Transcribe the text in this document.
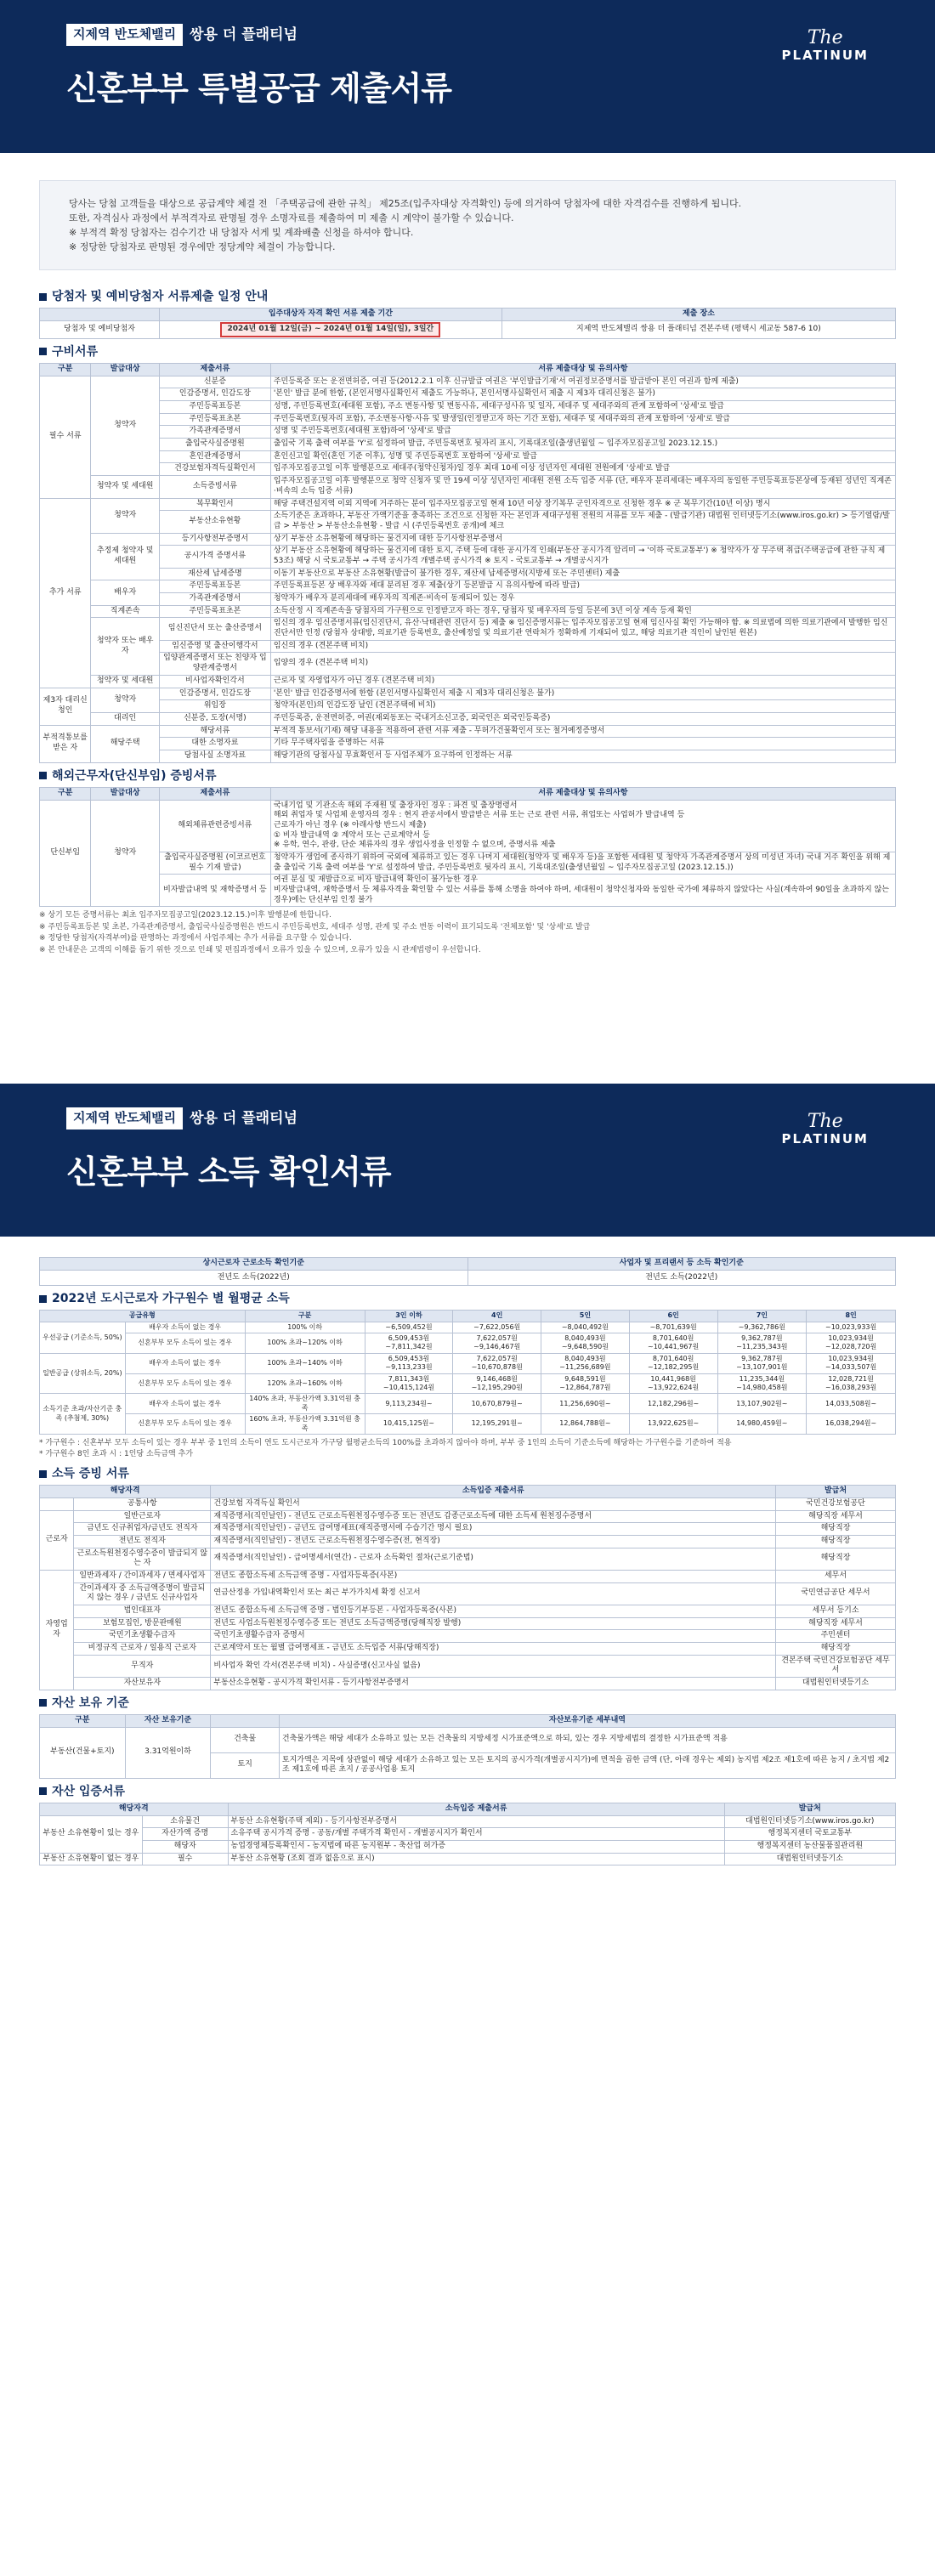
지제역 반도체밸리 쌍용 더 플래티넘
신혼부부 특별공급 제출서류
The
PLATINUM
당사는 당첨 고객들을 대상으로 공급계약 체결 전 「주택공급에 관한 규칙」 제25조(입주자대상 자격확인) 등에 의거하여 당첨자에 대한 자격검수를 진행하게 됩니다.
또한, 자격심사 과정에서 부적격자로 판명될 경우 소명자료를 제출하여 미 제출 시 계약이 불가할 수 있습니다.
※ 부적격 확정 당첨자는 검수기간 내 당첨자 서게 및 계좌배출 신청을 하셔야 합니다.
※ 정당한 당첨자로 판명된 경우에만 정당계약 체결이 가능합니다.
당첨자 및 예비당첨자 서류제출 일정 안내
	입주대상자 자격 확인 서류 제출 기간	제출 장소
당첨자 및 예비당첨자	2024년 01월 12일(금) ~ 2024년 01월 14일(일), 3일간	지제역 반도체밸리 쌍용 더 플래티넘 견본주택 (평택시 세교동 587-6 10)
구비서류
구분	발급대상	제출서류	서류 제출대상 및 유의사항
필수 서류	청약자	신분증	주민등록증 또는 운전면허증, 여권 등(2012.2.1 이후 신규발급 여권은 '부인발급기재'서 여권정보증명서를 발급받아 본인 여권과 함께 제출)
		인감증명서, 인감도장	'본인' 발급 분에 한함, (본인서명사실확인서 제출도 가능하나, 본인서명사실확인서 제출 시 제3자 대리신청은 불가)
		주민등록표등본	성명, 주민등록번호(세대원 포함), 주소 변동사항 및 변동사유, 세대구성사유 및 일자, 세대주 및 세대주와의 관계 포함하여 '상세'로 발급
		주민등록표초본	주민등록번호(뒷자리 포함), 주소변동사항·사유 및 발생일(인정받고자 하는 기간 포함), 세대주 및 세대주와의 관계 포함하여 '상세'로 발급
		가족관계증명서	성명 및 주민등록번호(세대원 포함)하여 '상세'로 발급
		출입국사실증명원	출입국 기록 출력 여부를 'Y'로 설정하여 발급, 주민등록번호 뒷자리 표시, 기록대조일(출생년월일 ~ 입주자모집공고일 2023.12.15.)
		혼인관계증명서	혼인신고일 확인(혼인 기준 이후), 성명 및 주민등록번호 포함하여 '상세'로 발급
		건강보험자격득실확인서	입주자모집공고일 이후 발행분으로 세대주(청약신청자)일 경우 최대 10세 이상 성년자인 세대원 전원에게 '상세'로 발급
	청약자 및 세대원	소득증빙서류	입주자모집공고일 이후 발행분으로 청약 신청자 및 만 19세 이상 성년자인 세대원 전원 소득 입증 서류 (단, 배우자 분리세대는 배우자의 동일한 주민등록표등본상에 등재된 성년인 직계존·비속의 소득 입증 서류)
추가 서류	청약자	복무확인서	해당 주택건설지역 이외 지역에 거주하는 분이 입주자모집공고일 현재 10년 이상 장기복무 군인자격으로 신청한 경우 ※ 군 복무기간(10년 이상) 명시
		부동산소유현황	소득기준은 초과하나, 부동산 가액기준을 충족하는 조건으로 신청한 자는 본인과 세대구성원 전원의 서류를 모두 제출 - (발급기관) 대법원 인터넷등기소(www.iros.go.kr) > 등기열람/발급 > 부동산 > 부동산소유현황 - 발급 시 (주민등록번호 공개)에 체크
	추정제 청약자 및 세대원	등기사항전부증명서	상기 부동산 소유현황에 해당하는 물건지에 대한 등기사항전부증명서
		공시가격 증명서류	상기 부동산 소유현황에 해당하는 물건지에 대한 토지, 주택 등에 대한 공시가격 인쇄(부동산 공시가격 알리미 → '이하 국토교통부') ※ 청약자가 상 무주택 취급(주택공급에 관한 규칙 제53조) 해당 시 국토교통부 → 주택 공시가격 개별주택 공시가격 ※ 토지 - 국토교통부 → 개별공시지가
		재산세 납세증명	이동기 부동산으로 부동산 소유현황(발급이 불가한 경우, 재산세 납세증명서(지방세 또는 주민센터) 제출
	배우자	주민등록표등본	주민등록표등본 상 배우자와 세대 분리된 경우 제출(상기 등본발급 시 유의사항에 따라 발급)
		가족관계증명서	청약자가 배우자 분리세대에 배우자의 직계존·비속이 동재되어 있는 경우
	직계존속	주민등록표초본	소득산정 시 직계존속을 당첨자의 가구원으로 인정받고자 하는 경우, 당첨자 및 배우자의 등일 등본에 3년 이상 계속 등재 확인
	청약자 또는 배우자	임신진단서 또는 출산증명서	임신의 경우 임신증명서류(임신진단서, 유산·낙태관련 진단서 등) 제출 ※ 임신증명서류는 입주자모집공고일 현재 임신사실 확인 가능해야 함. ※ 의료법에 의한 의료기관에서 발행한 임신진단서만 인정 (당첨자 상대방, 의료기관 등록번호, 출산예정일 및 의료기관 연락처가 정확하게 기재되어 있고, 해당 의료기관 직인이 날인된 원본)
		임신증명 및 출산이행각서	임신의 경우 (견본주택 비치)
		입양관계증명서 또는 친양자 입양관계증명서	입양의 경우 (견본주택 비치)
	청약자 및 세대원	비사업자확인각서	근로자 및 자영업자가 아닌 경우 (견본주택 비치)
제3자 대리신청인	청약자	인감증명서, 인감도장	'본인' 발급 인감증명서에 한함 (본인서명사실확인서 제출 시 제3자 대리신청은 불가)
		위임장	청약자(본인)의 인감도장 날인 (견본주택에 비치)
	대리인	신분증, 도장(서명)	주민등록증, 운전면허증, 여권(재외동포는 국내거소신고증, 외국인은 외국인등록증)
부적격통보를 받은 자	해당주택	해당서류	부적격 통보서(기재) 해당 내용을 적용하여 관련 서류 제출 - 무허가건물확인서 또는 철거예정증명서
		대한 소명자료	기타 무주택자임을 증명하는 서류
		당첨사실 소명자료	해당기관의 당첨사실 무효확인서 등 사업주체가 요구하여 인정하는 서류
해외근무자(단신부임) 증빙서류
구분	발급대상	제출서류	서류 제출대상 및 유의사항
단신부임	청약자	해외체류관련증빙서류	국내기업 및 기관소속 해외 주재원 및 출장자인 경우 : 파견 및 출장명령서
해외 취업자 및 사업체 운영자의 경우 : 현지 관공서에서 발급받은 서류 또는 근로 관련 서류, 취업또는 사업허가 발급내역 등
근로자가 아닌 경우 (※ 아래사항 반드시 제출)
① 비자 발급내역 ② 계약서 또는 근로계약서 등
※ 유학, 연수, 관광, 단순 체류자의 경우 생업사정을 인정할 수 없으며, 증명서류 제출
		출입국사실증명원 (이코르번호 필수 기재 발급)	청약자가 생업에 종사하기 위하여 국외에 체류하고 있는 경우 나머지 세대원(청약자 및 배우자 등)을 포함한 세대원 및 청약자 가족관계증명서 상의 미성년 자녀) 국내 거주 확인을 위해 제출 출입국 기록 출력 여부를 'Y'로 설정하여 발급, 주민등록번호 뒷자리 표시, 기록대조일(출생년월일 ~ 입주자모집공고일 (2023.12.15.))
		비자발급내역 및 재학증명서 등	여권 분실 및 재발급으로 비자 발급내역 확인이 불가능한 경우
비자발급내역, 재학증명서 등 체류자격을 확인할 수 있는 서류를 통해 소명을 하여야 하며, 세대원이 청약신청자와 동일한 국가에 체류하지 않았다는 사실(계속하여 90일을 초과하지 않는 경우)에는 단신부임 인정 불가
※ 상기 모든 증명서류는 최초 입주자모집공고일(2023.12.15.)이후 발행분에 한합니다.
※ 주민등록표등본 및 초본, 가족관계증명서, 출입국사실증명원은 반드시 주민등록번호, 세대주 성명, 관계 및 주소 변동 이력이 표기되도록 '전체포함' 및 '상세'로 발급
※ 정당한 당첨자(자격부여)를 판명하는 과정에서 사업주체는 추가 서류를 요구할 수 있습니다.
※ 본 안내문은 고객의 이해를 돕기 위한 것으로 인쇄 및 편집과정에서 오류가 있을 수 있으며, 오류가 있을 시 관계법령이 우선합니다.
지제역 반도체밸리 쌍용 더 플래티넘
신혼부부 소득 확인서류
The
PLATINUM
상시근로자 근로소득 확인기준	사업자 및 프리랜서 등 소득 확인기준
전년도 소득(2022년)	전년도 소득(2022년)
2022년 도시근로자 가구원수 별 월평균 소득
공급유형		구분	3인 이하	4인	5인	6인	7인	8인
우선공급 (기준소득, 50%)	배우자 소득이 없는 경우	100% 이하	~6,509,452원	~7,622,056원	~8,040,492원	~8,701,639원	~9,362,786원	~10,023,933원
	신혼부부 모두 소득이 있는 경우	100% 초과~120% 이하	6,509,453원 ~7,811,342원	7,622,057원 ~9,146,467원	8,040,493원 ~9,648,590원	8,701,640원 ~10,441,967원	9,362,787원 ~11,235,343원	10,023,934원 ~12,028,720원
일반공급 (상위소득, 20%)	배우자 소득이 없는 경우	100% 초과~140% 이하	6,509,453원 ~9,113,233원	7,622,057원 ~10,670,878원	8,040,493원 ~11,256,689원	8,701,640원 ~12,182,295원	9,362,787원 ~13,107,901원	10,023,934원 ~14,033,507원
	신혼부부 모두 소득이 있는 경우	120% 초과~160% 이하	7,811,343원 ~10,415,124원	9,146,468원 ~12,195,290원	9,648,591원 ~12,864,787원	10,441,968원 ~13,922,624원	11,235,344원 ~14,980,458원	12,028,721원 ~16,038,293원
소득기준 초과/자산기준 충족 (추첨제, 30%)	배우자 소득이 없는 경우	140% 초과, 부동산가액 3.31억원 충족	9,113,234원~	10,670,879원~	11,256,690원~	12,182,296원~	13,107,902원~	14,033,508원~
	신혼부부 모두 소득이 있는 경우	160% 초과, 부동산가액 3.31억원 충족	10,415,125원~	12,195,291원~	12,864,788원~	13,922,625원~	14,980,459원~	16,038,294원~
* 가구원수 : 신혼부부 모두 소득이 있는 경우 부부 중 1인의 소득이 연도 도시근로자 가구당 월평균소득의 100%를 초과하지 않아야 하며, 부부 중 1인의 소득이 기준소득에 해당하는 가구원수를 기준하여 적용
* 가구원수 8인 초과 시 : 1인당 소득금액 추가
소득 증빙 서류
해당자격		소득입증 제출서류	발급처
	공통사항	건강보험 자격득실 확인서	국민건강보험공단
근로자	일반근로자	재직증명서(직인날인) - 전년도 근로소득원천징수영수증 또는 전년도 갑종근로소득에 대한 소득세 원천징수증명서	해당직장 세무서
	금년도 신규취업자/금년도 전직자	재직증명서(직인날인) - 금년도 급여명세표(재직증명서에 수습기간 명시 필요)	해당직장
	전년도 전직자	재직증명서(직인날인) - 전년도 근로소득원천징수영수증(전, 현직장)	해당직장
	근로소득원천징수영수증이 발급되지 않는 자	재직증명서(직인날인) - 급여명세서(연간) - 근로자 소득확인 절차(근로기준법)	해당직장
자영업자	일반과세자 / 간이과세자 / 면세사업자	전년도 종합소득세 소득금액 증명 - 사업자등록증(사본)	세무서
	간이과세자 중 소득금액증명이 발급되지 않는 경우 / 금년도 신규사업자	연금산정용 가입내역확인서 또는 최근 부가가치세 확정 신고서	국민연금공단 세무서
	법인대표자	전년도 종합소득세 소득금액 증명 - 법인등기부등본 - 사업자등록증(사본)	세무서 등기소
	보험모집인, 방문판매원	전년도 사업소득원천징수영수증 또는 전년도 소득금액증명(당해직장 발행)	해당직장 세무서
	국민기초생활수급자	국민기초생활수급자 증명서	주민센터
	비정규직 근로자 / 일용직 근로자	근로계약서 또는 월별 급여명세표 - 금년도 소득입증 서류(당해직장)	해당직장
	무직자	비사업자 확인 각서(견본주택 비치) - 사실증명(신고사실 없음)	견본주택 국민건강보험공단 세무서
	자산보유자	부동산소유현황 - 공시가격 확인서류 - 등기사항전부증명서	대법원인터넷등기소
자산 보유 기준
구분	자산 보유기준		자산보유기준 세부내역
부동산(건물+토지)	3.31억원이하	건축물	건축물가액은 해당 세대가 소유하고 있는 모든 건축물의 지방세정 시가표준액으로 하되, 있는 경우 지방세법의 결정한 시가표준액 적용
		토지	토지가액은 지목에 상관없이 해당 세대가 소유하고 있는 모든 토지의 공시가격(개별공시지가)에 면적을 곱한 금액 (단, 아래 경우는 제외) 농지법 제2조 제1호에 따른 농지 / 초지법 제2조 제1호에 따른 초지 / 공공사업용 토지
자산 입증서류
해당자격		소득입증 제출서류	발급처
부동산 소유현황이 있는 경우	소유물건	부동산 소유현황(주택 제외) - 등기사항전부증명서	대법원인터넷등기소(www.iros.go.kr)
	자산가액 증명	소유주택 공시가격 증명 - 공동/개별 주택가격 확인서 - 개별공시지가 확인서	행정복지센터 국토교통부
	해당자	농업경영체등록확인서 - 농지법에 따른 농지원부 - 축산업 허가증	행정복지센터 농산물품질관리원
부동산 소유현황이 없는 경우	필수	부동산 소유현황 (조회 결과 없음으로 표시)	대법원인터넷등기소
